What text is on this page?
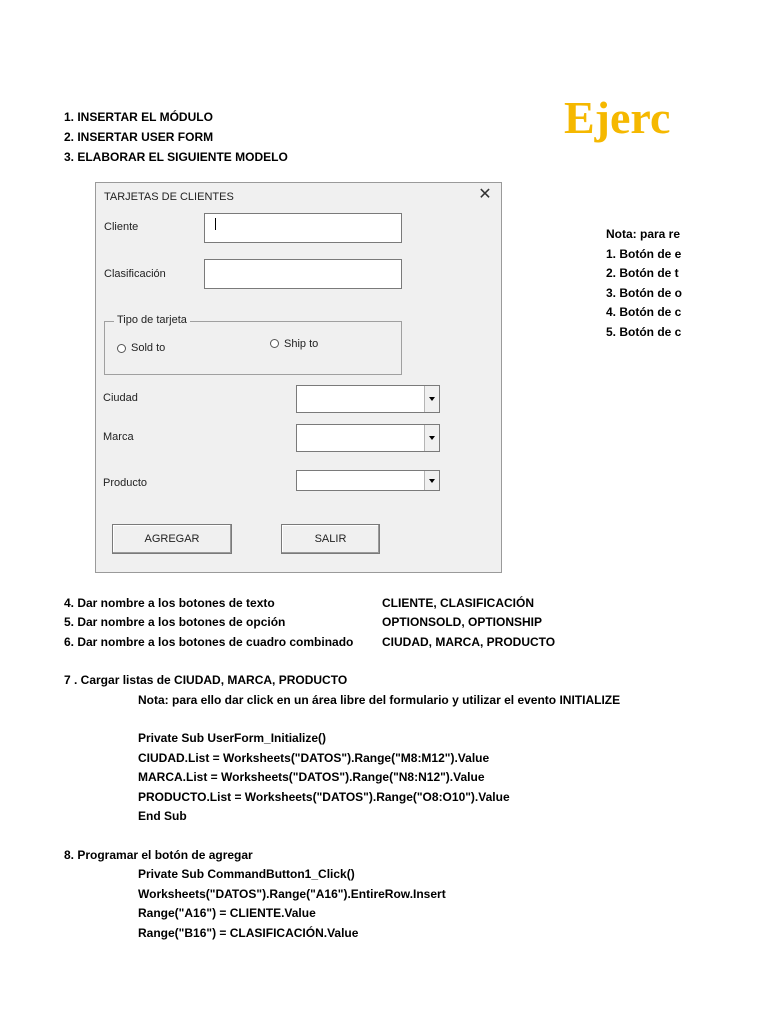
1. INSERTAR EL MÓDULO
2. INSERTAR USER FORM
3. ELABORAR EL SIGUIENTE MODELO
Ejerc
Nota: para re
1. Botón de e
2. Botón de t
3. Botón de o
4. Botón de c
5. Botón de c
TARJETAS DE CLIENTES	✕
Cliente
Clasificación
Tipo de tarjeta
Sold to	Ship to
Ciudad
Marca
Producto
AGREGAR	SALIR
4. Dar nombre a los botones de texto	CLIENTE, CLASIFICACIÓN
5. Dar nombre a los botones de opción	OPTIONSOLD, OPTIONSHIP
6. Dar nombre a los botones de cuadro combinado CIUDAD, MARCA, PRODUCTO
7 . Cargar listas de CIUDAD, MARCA, PRODUCTO
Nota: para ello dar click en un área libre del formulario y utilizar el evento INITIALIZE
Private Sub UserForm_Initialize()
CIUDAD.List = Worksheets("DATOS").Range("M8:M12").Value
MARCA.List = Worksheets("DATOS").Range("N8:N12").Value
PRODUCTO.List = Worksheets("DATOS").Range("O8:O10").Value
End Sub
8. Programar el botón de agregar
Private Sub CommandButton1_Click()
Worksheets("DATOS").Range("A16").EntireRow.Insert
Range("A16") = CLIENTE.Value
Range("B16") = CLASIFICACIÓN.Value
